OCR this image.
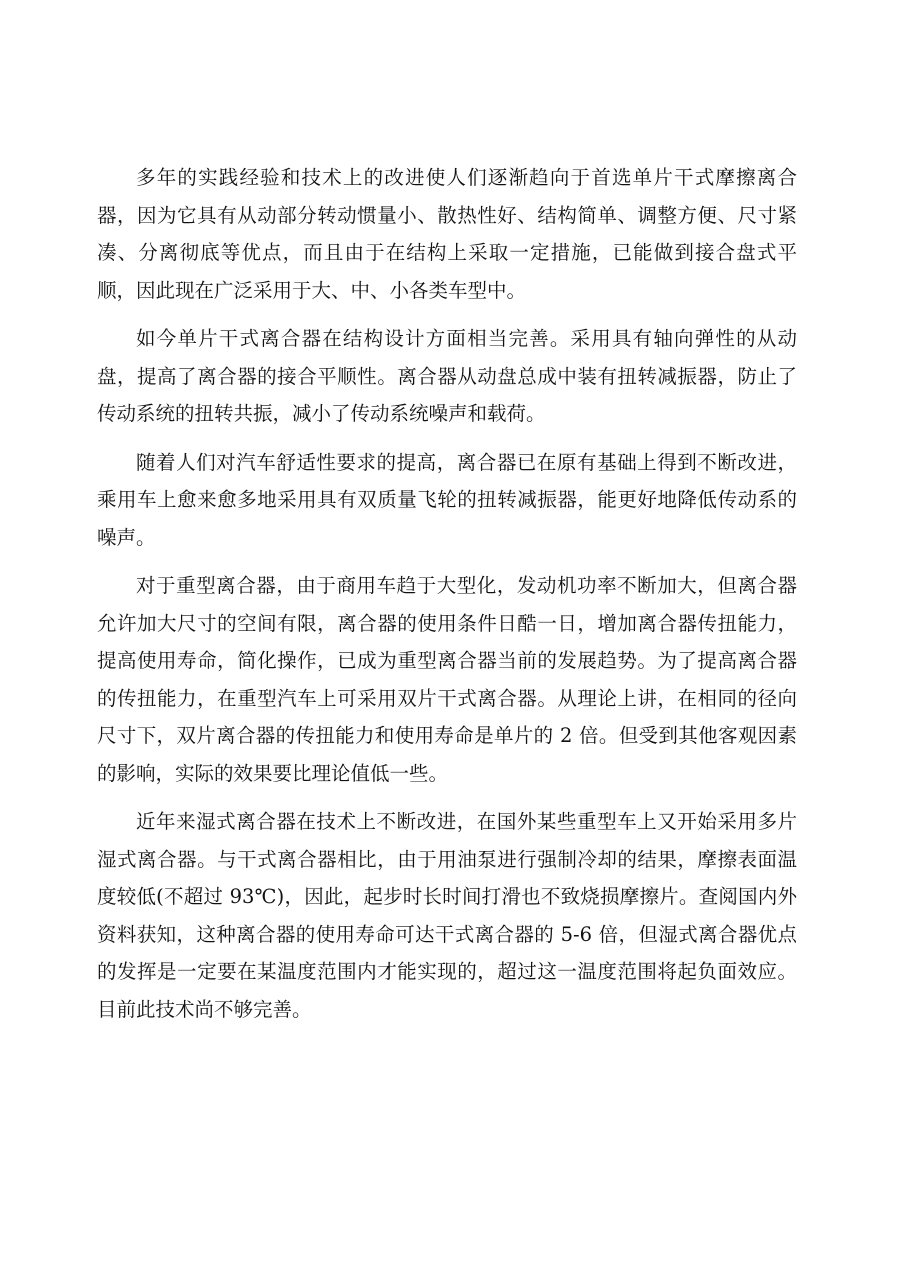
多年的实践经验和技术上的改进使人们逐渐趋向于首选单片干式摩擦离合器，因为它具有从动部分转动惯量小、散热性好、结构简单、调整方便、尺寸紧凑、分离彻底等优点，而且由于在结构上采取一定措施，已能做到接合盘式平顺，因此现在广泛采用于大、中、小各类车型中。

如今单片干式离合器在结构设计方面相当完善。采用具有轴向弹性的从动盘，提高了离合器的接合平顺性。离合器从动盘总成中装有扭转减振器，防止了传动系统的扭转共振，减小了传动系统噪声和载荷。

随着人们对汽车舒适性要求的提高，离合器已在原有基础上得到不断改进，乘用车上愈来愈多地采用具有双质量飞轮的扭转减振器，能更好地降低传动系的噪声。

对于重型离合器，由于商用车趋于大型化，发动机功率不断加大，但离合器允许加大尺寸的空间有限，离合器的使用条件日酷一日，增加离合器传扭能力，提高使用寿命，简化操作，已成为重型离合器当前的发展趋势。为了提高离合器的传扭能力，在重型汽车上可采用双片干式离合器。从理论上讲，在相同的径向尺寸下，双片离合器的传扭能力和使用寿命是单片的 2 倍。但受到其他客观因素的影响，实际的效果要比理论值低一些。

近年来湿式离合器在技术上不断改进，在国外某些重型车上又开始采用多片湿式离合器。与干式离合器相比，由于用油泵进行强制冷却的结果，摩擦表面温度较低(不超过 93℃)，因此，起步时长时间打滑也不致烧损摩擦片。查阅国内外资料获知，这种离合器的使用寿命可达干式离合器的 5-6 倍，但湿式离合器优点的发挥是一定要在某温度范围内才能实现的，超过这一温度范围将起负面效应。目前此技术尚不够完善。
